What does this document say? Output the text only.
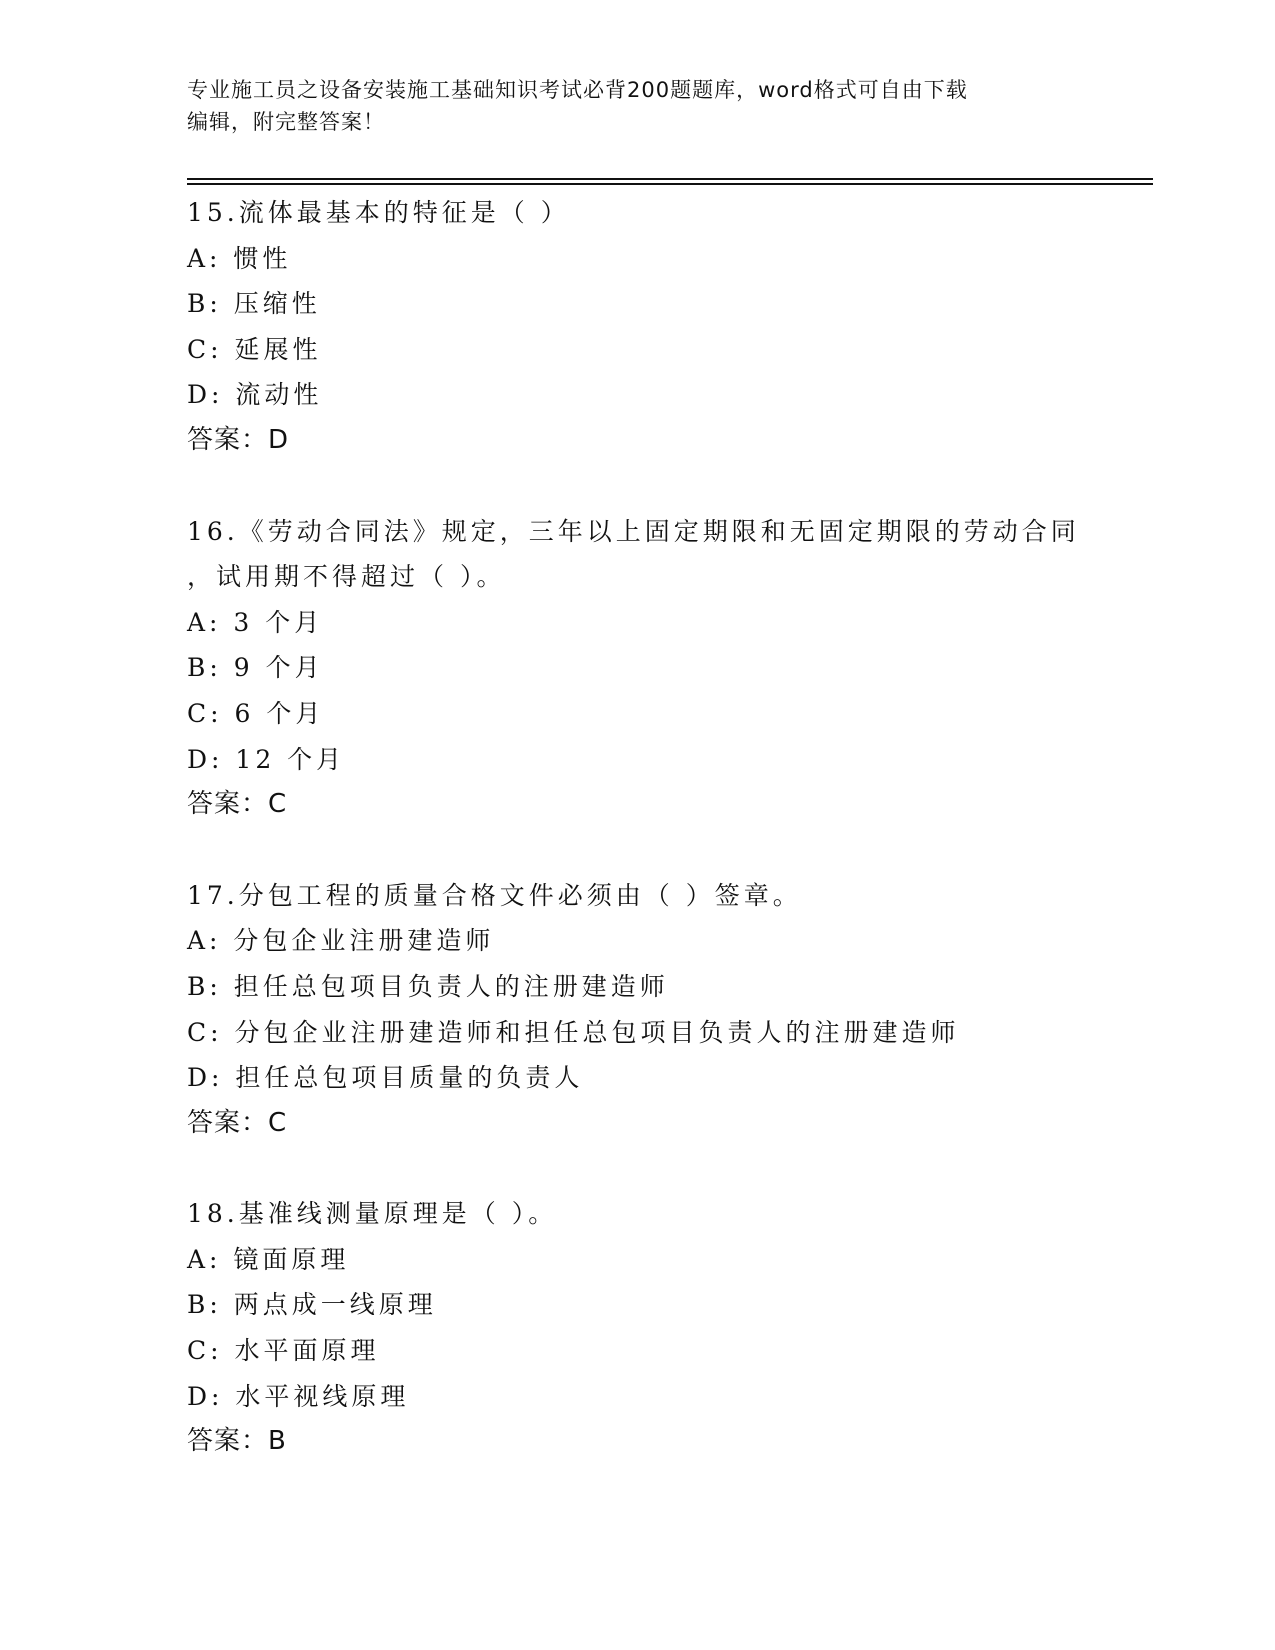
专业施工员之设备安装施工基础知识考试必背200题题库，word格式可自由下载
编辑，附完整答案！
15.流体最基本的特征是（ ）
A: 惯性
B: 压缩性
C: 延展性
D: 流动性
答案：D
16.《劳动合同法》规定，三年以上固定期限和无固定期限的劳动合同
，试用期不得超过（ ）。
A: 3 个月
B: 9 个月
C: 6 个月
D: 12 个月
答案：C
17.分包工程的质量合格文件必须由（ ）签章。
A: 分包企业注册建造师
B: 担任总包项目负责人的注册建造师
C: 分包企业注册建造师和担任总包项目负责人的注册建造师
D: 担任总包项目质量的负责人
答案：C
18.基准线测量原理是（ ）。
A: 镜面原理
B: 两点成一线原理
C: 水平面原理
D: 水平视线原理
答案：B
